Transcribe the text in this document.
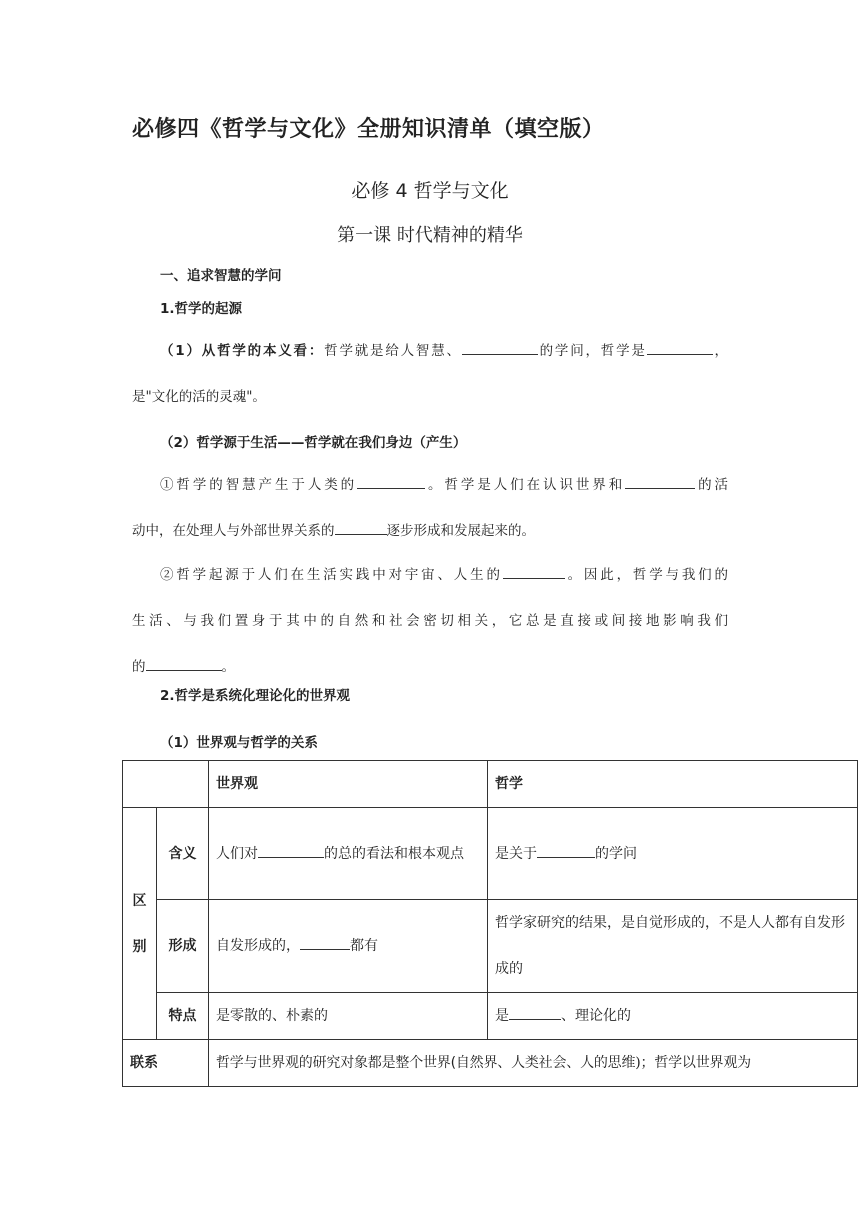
必修四《哲学与文化》全册知识清单（填空版）
必修 4 哲学与文化
第一课 时代精神的精华
一、追求智慧的学问
1.哲学的起源
（1）从哲学的本义看：哲学就是给人智慧、	的学问，哲学是	，
是"文化的活的灵魂"。
（2）哲学源于生活——哲学就在我们身边（产生）
①哲学的智慧产生于人类的	。哲学是人们在认识世界和	的活
动中，在处理人与外部世界关系的	逐步形成和发展起来的。
②哲学起源于人们在生活实践中对宇宙、人生的	。因此，哲学与我们的
生活、与我们置身于其中的自然和社会密切相关，它总是直接或间接地影响我们
的	。
2.哲学是系统化理论化的世界观
（1）世界观与哲学的关系
		世界观	哲学
区别	含义	人们对 的总的看法和根本观点	是关于 的学问
	形成	自发形成的， 都有	哲学家研究的结果，是自觉形成的，不是人人都有自发形成的
	特点	是零散的、朴素的	是 、理论化的
联系		哲学与世界观的研究对象都是整个世界(自然界、人类社会、人的思维)；哲学以世界观为	
